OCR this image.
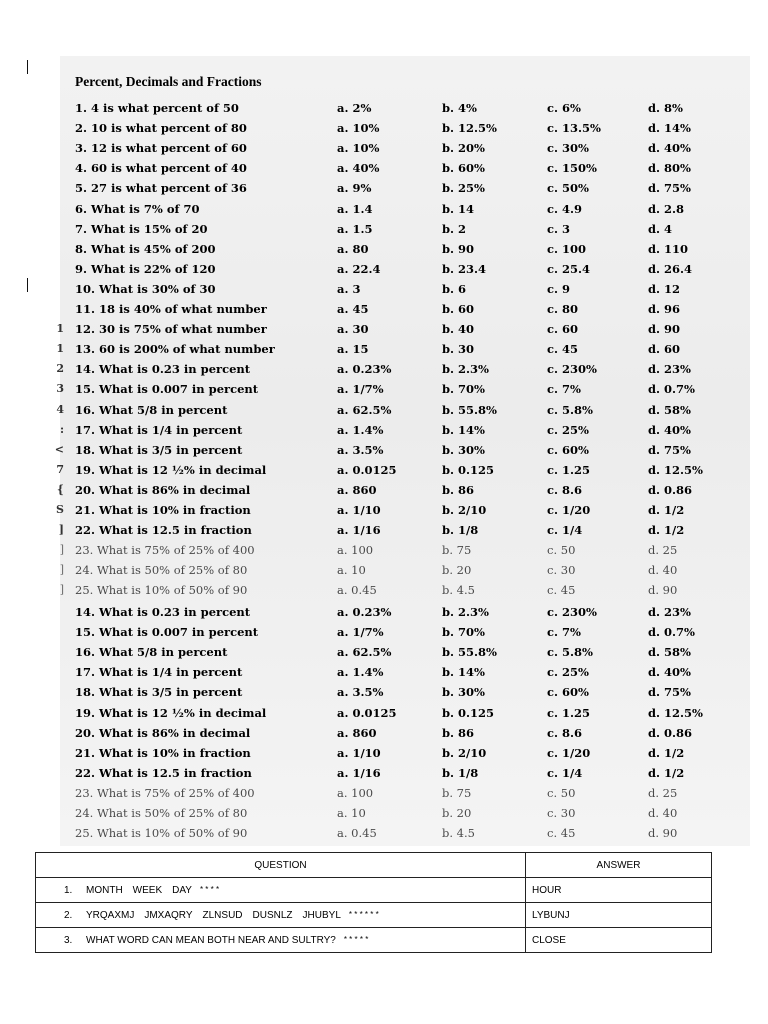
Percent, Decimals and Fractions
1. 4 is what percent of 50	a. 2%	b. 4%	c. 6%	d. 8%
2. 10 is what percent of 80	a. 10%	b. 12.5%	c. 13.5%	d. 14%
3. 12 is what percent of 60	a. 10%	b. 20%	c. 30%	d. 40%
4. 60 is what percent of 40	a. 40%	b. 60%	c. 150%	d. 80%
5. 27 is what percent of 36	a. 9%	b. 25%	c. 50%	d. 75%
6. What is 7% of 70	a. 1.4	b. 14	c. 4.9	d. 2.8
7. What is 15% of 20	a. 1.5	b. 2	c. 3	d. 4
8. What is 45% of 200	a. 80	b. 90	c. 100	d. 110
9. What is 22% of 120	a. 22.4	b. 23.4	c. 25.4	d. 26.4
10. What is 30% of 30	a. 3	b. 6	c. 9	d. 12
11. 18 is 40% of what number	a. 45	b. 60	c. 80	d. 96
12. 30 is 75% of what number	a. 30	b. 40	c. 60	d. 90
1
13. 60 is 200% of what number	a. 15	b. 30	c. 45	d. 60
1
14. What is 0.23 in percent	a. 0.23%	b. 2.3%	c. 230%	d. 23%
2
15. What is 0.007 in percent	a. 1/7%	b. 70%	c. 7%	d. 0.7%
3
16. What 5/8 in percent	a. 62.5%	b. 55.8%	c. 5.8%	d. 58%
4
17. What is 1/4 in percent	a. 1.4%	b. 14%	c. 25%	d. 40%
:
18. What is 3/5 in percent	a. 3.5%	b. 30%	c. 60%	d. 75%
<
19. What is 12 ½% in decimal	a. 0.0125	b. 0.125	c. 1.25	d. 12.5%
7
20. What is 86% in decimal	a. 860	b. 86	c. 8.6	d. 0.86
{
21. What is 10% in fraction	a. 1/10	b. 2/10	c. 1/20	d. 1/2
S
22. What is 12.5 in fraction	a. 1/16	b. 1/8	c. 1/4	d. 1/2
]
23. What is 75% of 25% of 400	a. 100	b. 75	c. 50	d. 25
]
24. What is 50% of 25% of 80	a. 10	b. 20	c. 30	d. 40
]
25. What is 10% of 50% of 90	a. 0.45	b. 4.5	c. 45	d. 90
]
14. What is 0.23 in percent	a. 0.23%	b. 2.3%	c. 230%	d. 23%
15. What is 0.007 in percent	a. 1/7%	b. 70%	c. 7%	d. 0.7%
16. What 5/8 in percent	a. 62.5%	b. 55.8%	c. 5.8%	d. 58%
17. What is 1/4 in percent	a. 1.4%	b. 14%	c. 25%	d. 40%
18. What is 3/5 in percent	a. 3.5%	b. 30%	c. 60%	d. 75%
19. What is 12 ½% in decimal	a. 0.0125	b. 0.125	c. 1.25	d. 12.5%
20. What is 86% in decimal	a. 860	b. 86	c. 8.6	d. 0.86
21. What is 10% in fraction	a. 1/10	b. 2/10	c. 1/20	d. 1/2
22. What is 12.5 in fraction	a. 1/16	b. 1/8	c. 1/4	d. 1/2
23. What is 75% of 25% of 400	a. 100	b. 75	c. 50	d. 25
24. What is 50% of 25% of 80	a. 10	b. 20	c. 30	d. 40
25. What is 10% of 50% of 90	a. 0.45	b. 4.5	c. 45	d. 90
QUESTION	ANSWER
1. MONTH WEEK DAY * * * *	HOUR
2. YRQAXMJ JMXAQRY ZLNSUD DUSNLZ JHUBYL * * * * * *	LYBUNJ
3. WHAT WORD CAN MEAN BOTH NEAR AND SULTRY? * * * * *	CLOSE
